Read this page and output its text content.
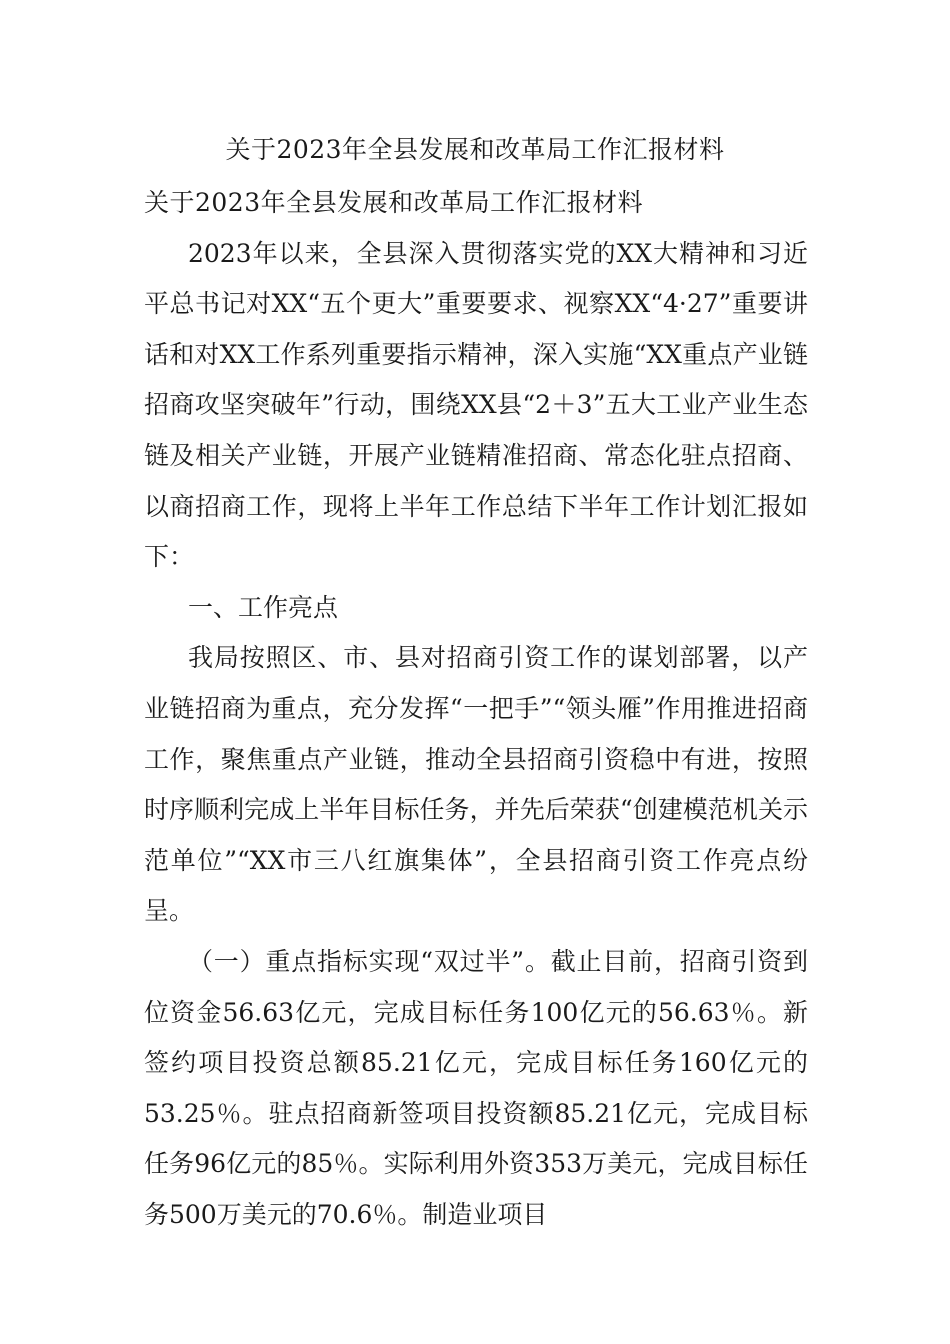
关于2023年全县发展和改革局工作汇报材料

关于2023年全县发展和改革局工作汇报材料

2023年以来，全县深入贯彻落实党的XX大精神和习近平总书记对XX“五个更大”重要要求、视察XX“4·27”重要讲话和对XX工作系列重要指示精神，深入实施“XX重点产业链招商攻坚突破年”行动，围绕XX县“2＋3”五大工业产业生态链及相关产业链，开展产业链精准招商、常态化驻点招商、以商招商工作，现将上半年工作总结下半年工作计划汇报如下：

一、工作亮点

我局按照区、市、县对招商引资工作的谋划部署，以产业链招商为重点，充分发挥“一把手”“领头雁”作用推进招商工作，聚焦重点产业链，推动全县招商引资稳中有进，按照时序顺利完成上半年目标任务，并先后荣获“创建模范机关示范单位”“XX市三八红旗集体”，全县招商引资工作亮点纷呈。

（一）重点指标实现“双过半”。截止目前，招商引资到位资金56.63亿元，完成目标任务100亿元的56.63％。新签约项目投资总额85.21亿元，完成目标任务160亿元的53.25％。驻点招商新签项目投资额85.21亿元，完成目标任务96亿元的85％。实际利用外资353万美元，完成目标任务500万美元的70.6％。制造业项目
